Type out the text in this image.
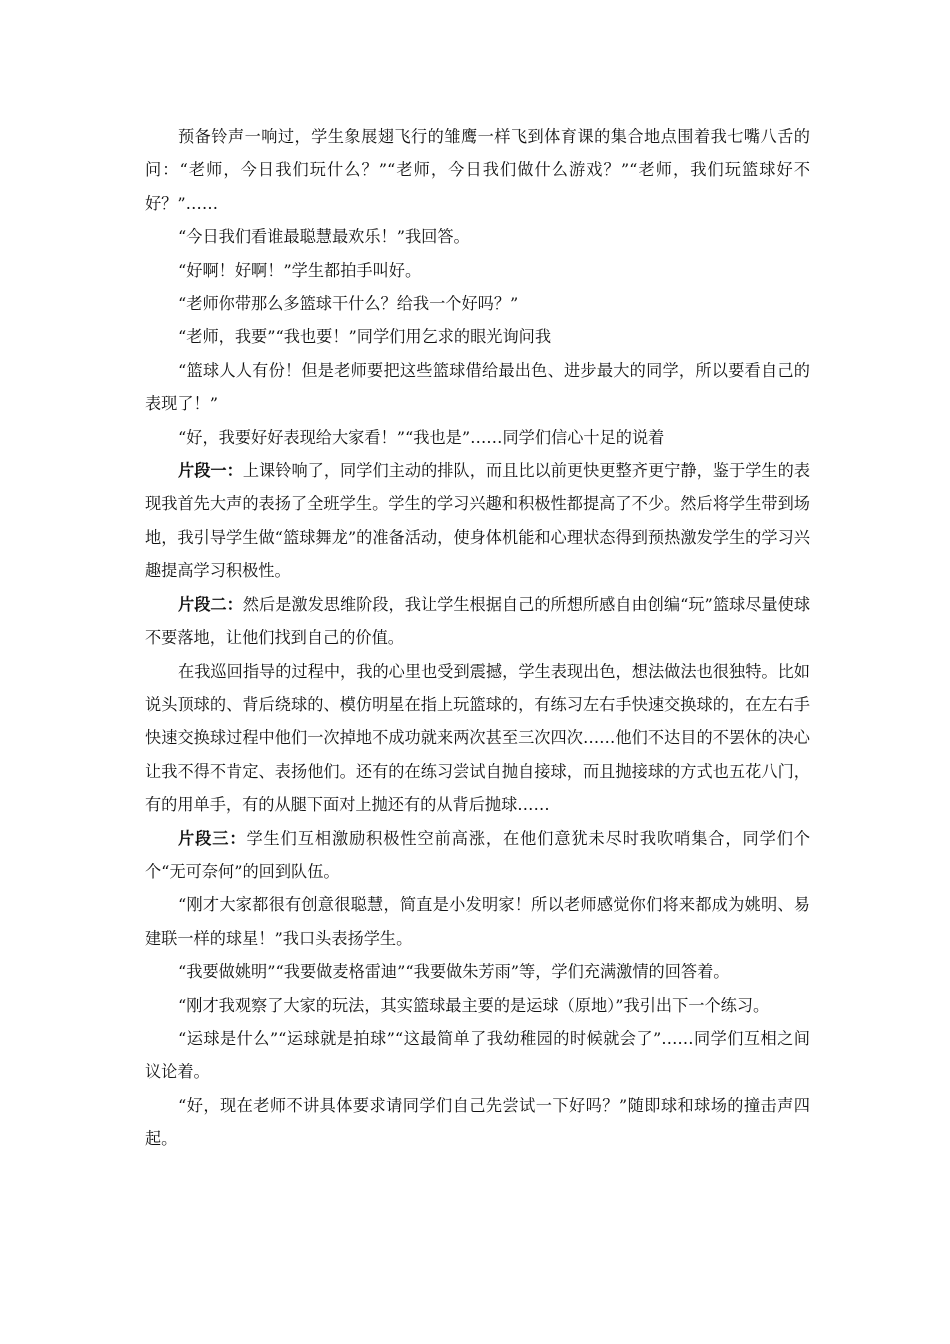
预备铃声一响过，学生象展翅飞行的雏鹰一样飞到体育课的集合地点围着我七嘴八舌的问：“老师，今日我们玩什么？”“老师，今日我们做什么游戏？”“老师，我们玩篮球好不好？”……

“今日我们看谁最聪慧最欢乐！”我回答。

“好啊！好啊！”学生都拍手叫好。

“老师你带那么多篮球干什么？给我一个好吗？”

“老师，我要”“我也要！”同学们用乞求的眼光询问我

“篮球人人有份！但是老师要把这些篮球借给最出色、进步最大的同学，所以要看自己的表现了！”

“好，我要好好表现给大家看！”“我也是”……同学们信心十足的说着

片段一：上课铃响了，同学们主动的排队，而且比以前更快更整齐更宁静，鉴于学生的表现我首先大声的表扬了全班学生。学生的学习兴趣和积极性都提高了不少。然后将学生带到场地，我引导学生做“篮球舞龙”的准备活动，使身体机能和心理状态得到预热激发学生的学习兴趣提高学习积极性。

片段二：然后是激发思维阶段，我让学生根据自己的所想所感自由创编“玩”篮球尽量使球不要落地，让他们找到自己的价值。

在我巡回指导的过程中，我的心里也受到震撼，学生表现出色，想法做法也很独特。比如说头顶球的、背后绕球的、模仿明星在指上玩篮球的，有练习左右手快速交换球的，在左右手快速交换球过程中他们一次掉地不成功就来两次甚至三次四次……他们不达目的不罢休的决心让我不得不肯定、表扬他们。还有的在练习尝试自抛自接球，而且抛接球的方式也五花八门，有的用单手，有的从腿下面对上抛还有的从背后抛球……

片段三：学生们互相激励积极性空前高涨，在他们意犹未尽时我吹哨集合，同学们个个“无可奈何”的回到队伍。

“刚才大家都很有创意很聪慧，简直是小发明家！所以老师感觉你们将来都成为姚明、易建联一样的球星！”我口头表扬学生。

“我要做姚明”“我要做麦格雷迪”“我要做朱芳雨”等，学们充满激情的回答着。

“刚才我观察了大家的玩法，其实篮球最主要的是运球（原地）”我引出下一个练习。

“运球是什么”“运球就是拍球”“这最简单了我幼稚园的时候就会了”……同学们互相之间议论着。

“好，现在老师不讲具体要求请同学们自己先尝试一下好吗？”随即球和球场的撞击声四起。
